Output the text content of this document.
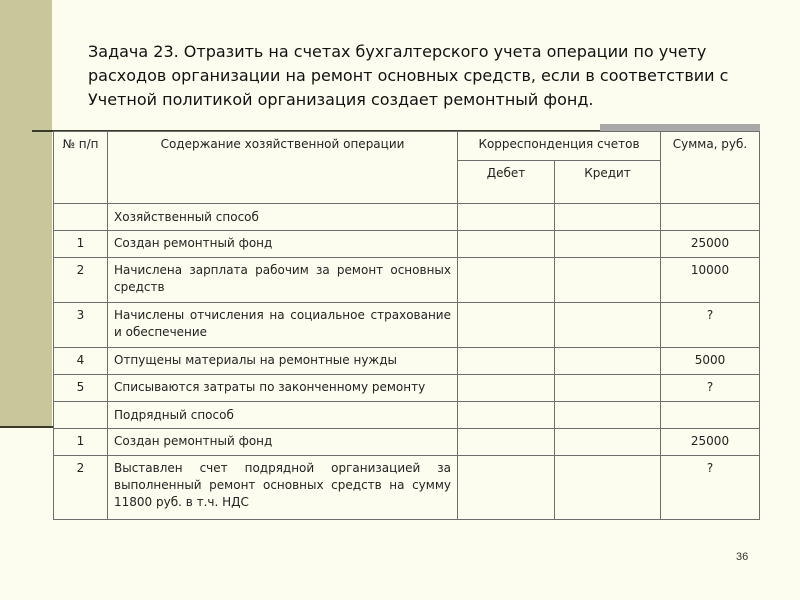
Задача 23. Отразить на счетах бухгалтерского учета операции по учету расходов организации на ремонт основных средств, если в соответствии с Учетной политикой организация создает ремонтный фонд.

№ п/п	Содержание хозяйственной операции	Корреспонденция счетов		Сумма, руб.
		Дебет	Кредит	
	Хозяйственный способ			
1	Создан ремонтный фонд			25000
2	Начислена зарплата рабочим за ремонт основных средств			10000
3	Начислены отчисления на социальное страхование и обеспечение			?
4	Отпущены материалы на ремонтные нужды			5000
5	Списываются затраты по законченному ремонту			?
	Подрядный способ			
1	Создан ремонтный фонд			25000
2	Выставлен счет подрядной организацией за выполненный ремонт основных средств на сумму 11800 руб. в т.ч. НДС			?
36
